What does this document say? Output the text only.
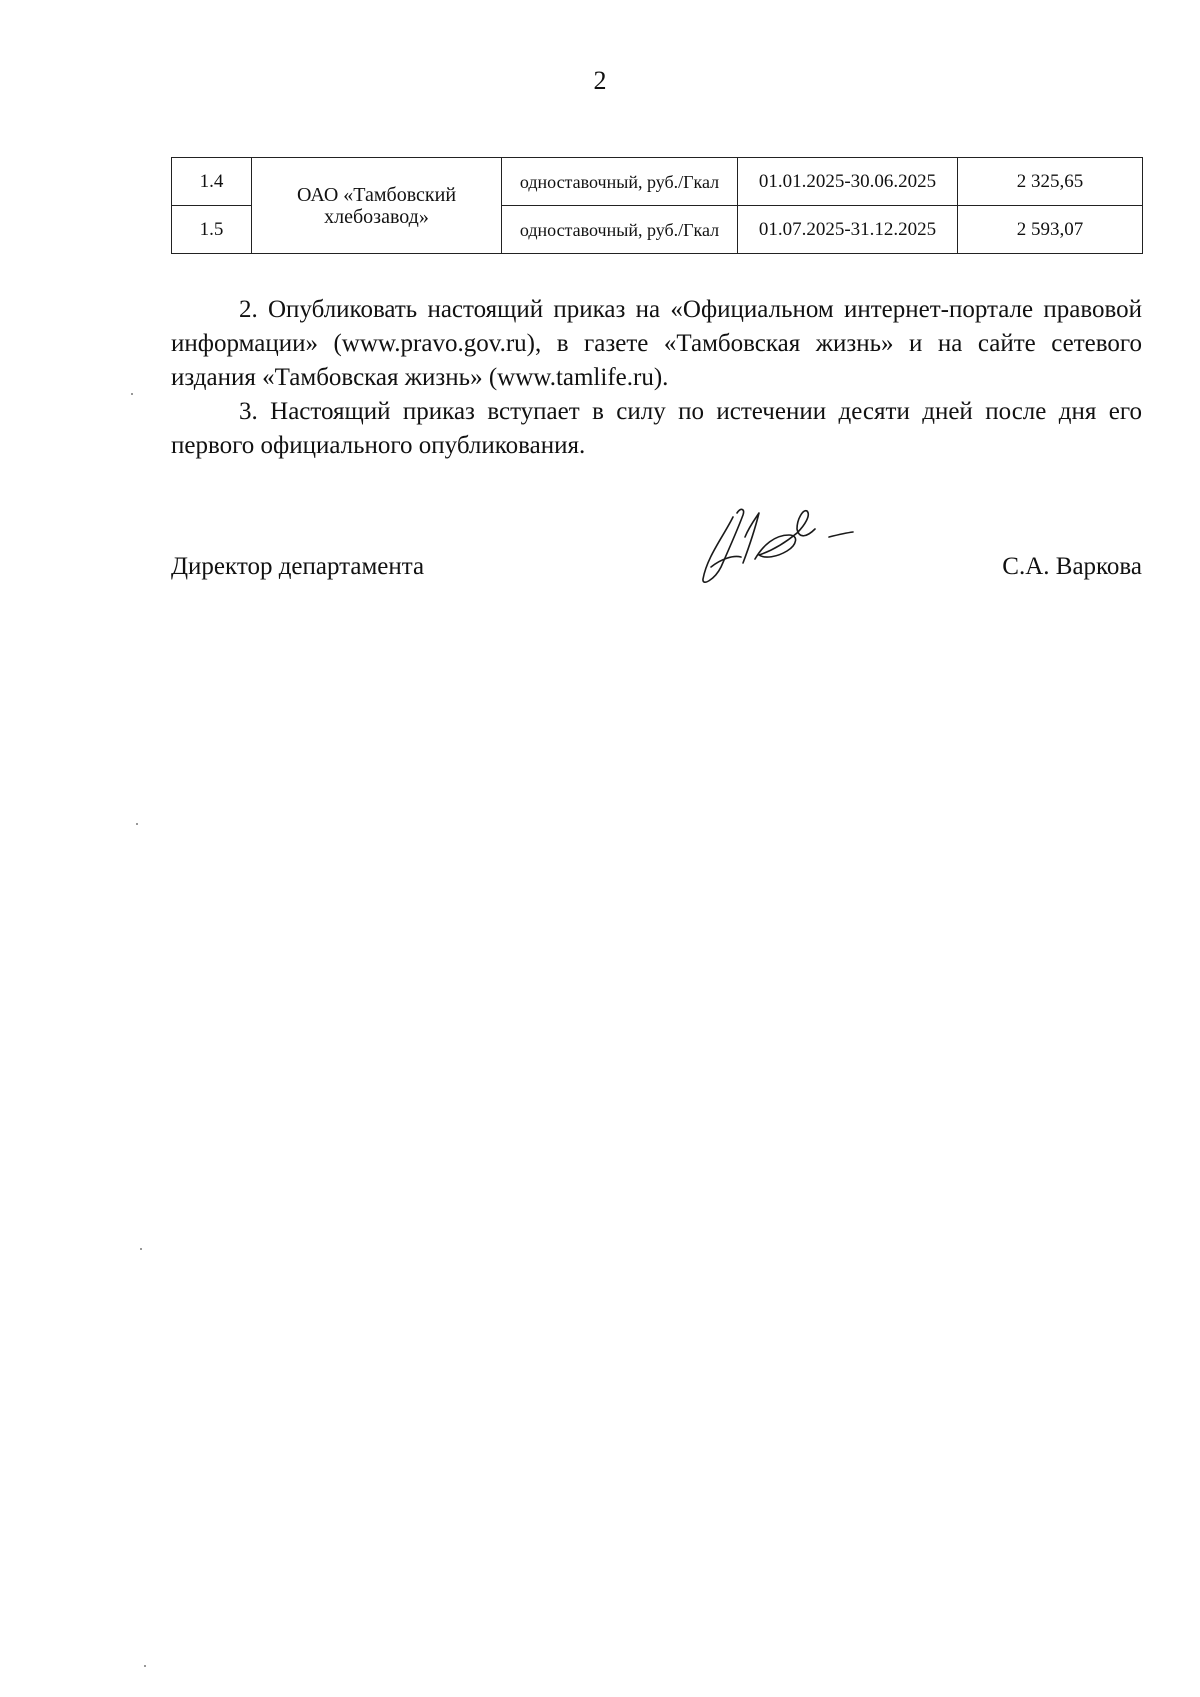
2
1.4	ОАО «Тамбовский хлебозавод»	одноставочный, руб./Гкал	01.01.2025-30.06.2025	2 325,65
1.5		одноставочный, руб./Гкал	01.07.2025-31.12.2025	2 593,07

2. Опубликовать настоящий приказ на «Официальном интернет-портале правовой информации» (www.pravo.gov.ru), в газете «Тамбовская жизнь» и на сайте сетевого издания «Тамбовская жизнь» (www.tamlife.ru).

3. Настоящий приказ вступает в силу по истечении десяти дней после дня его первого официального опубликования.

Директор департамента	С.А. Варкова
